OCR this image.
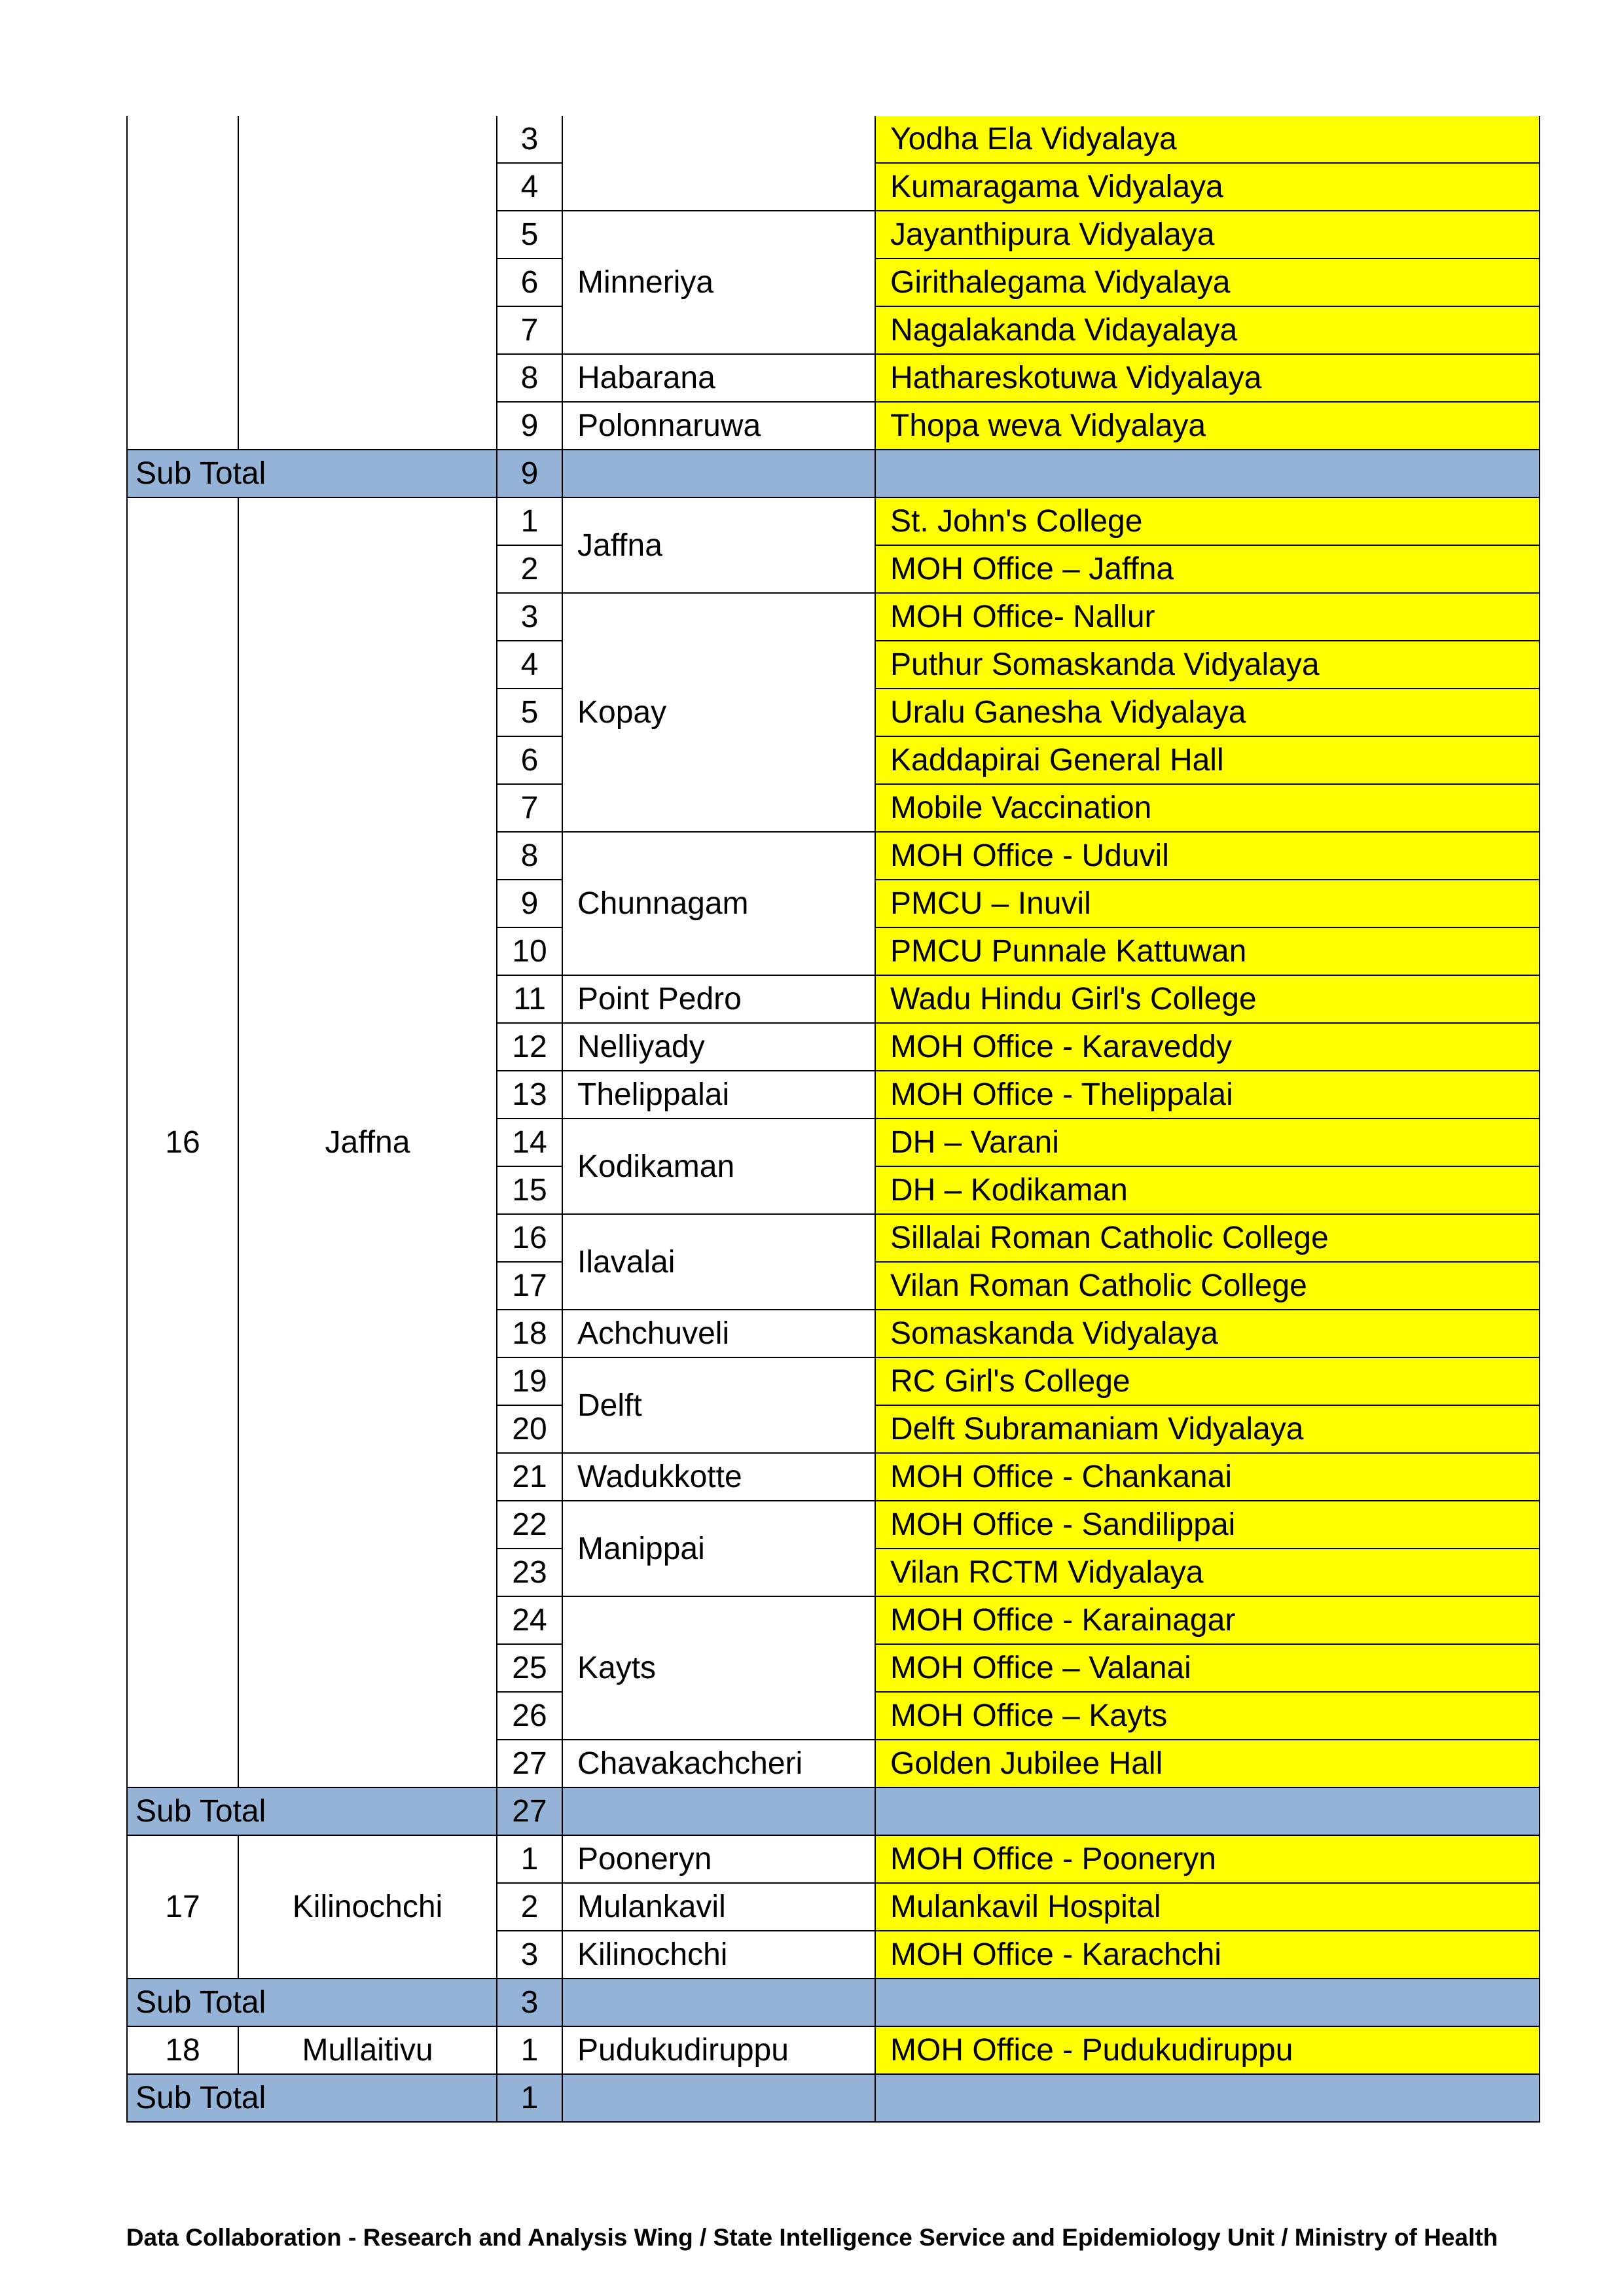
		3		Yodha Ela Vidyalaya
		4		Kumaragama Vidyalaya
		5	Minneriya	Jayanthipura Vidyalaya
		6		Girithalegama Vidyalaya
		7		Nagalakanda Vidayalaya
		8	Habarana	Hathareskotuwa Vidyalaya
		9	Polonnaruwa	Thopa weva Vidyalaya
Sub Total		9		
16	Jaffna	1	Jaffna	St. John's College
		2		MOH Office – Jaffna
		3	Kopay	MOH Office- Nallur
		4		Puthur Somaskanda Vidyalaya
		5		Uralu Ganesha Vidyalaya
		6		Kaddapirai General Hall
		7		Mobile Vaccination
		8	Chunnagam	MOH Office - Uduvil
		9		PMCU – Inuvil
		10		PMCU Punnale Kattuwan
		11	Point Pedro	Wadu Hindu Girl's College
		12	Nelliyady	MOH Office - Karaveddy
		13	Thelippalai	MOH Office - Thelippalai
		14	Kodikaman	DH – Varani
		15		DH – Kodikaman
		16	Ilavalai	Sillalai Roman Catholic College
		17		Vilan Roman Catholic College
		18	Achchuveli	Somaskanda Vidyalaya
		19	Delft	RC Girl's College
		20		Delft Subramaniam Vidyalaya
		21	Wadukkotte	MOH Office - Chankanai
		22	Manippai	MOH Office - Sandilippai
		23		Vilan RCTM Vidyalaya
		24	Kayts	MOH Office - Karainagar
		25		MOH Office – Valanai
		26		MOH Office – Kayts
		27	Chavakachcheri	Golden Jubilee Hall
Sub Total		27		
17	Kilinochchi	1	Pooneryn	MOH Office - Pooneryn
		2	Mulankavil	Mulankavil Hospital
		3	Kilinochchi	MOH Office - Karachchi
Sub Total		3		
18	Mullaitivu	1	Pudukudiruppu	MOH Office - Pudukudiruppu
Sub Total		1		
Data Collaboration - Research and Analysis Wing / State Intelligence Service and Epidemiology Unit / Ministry of Health
